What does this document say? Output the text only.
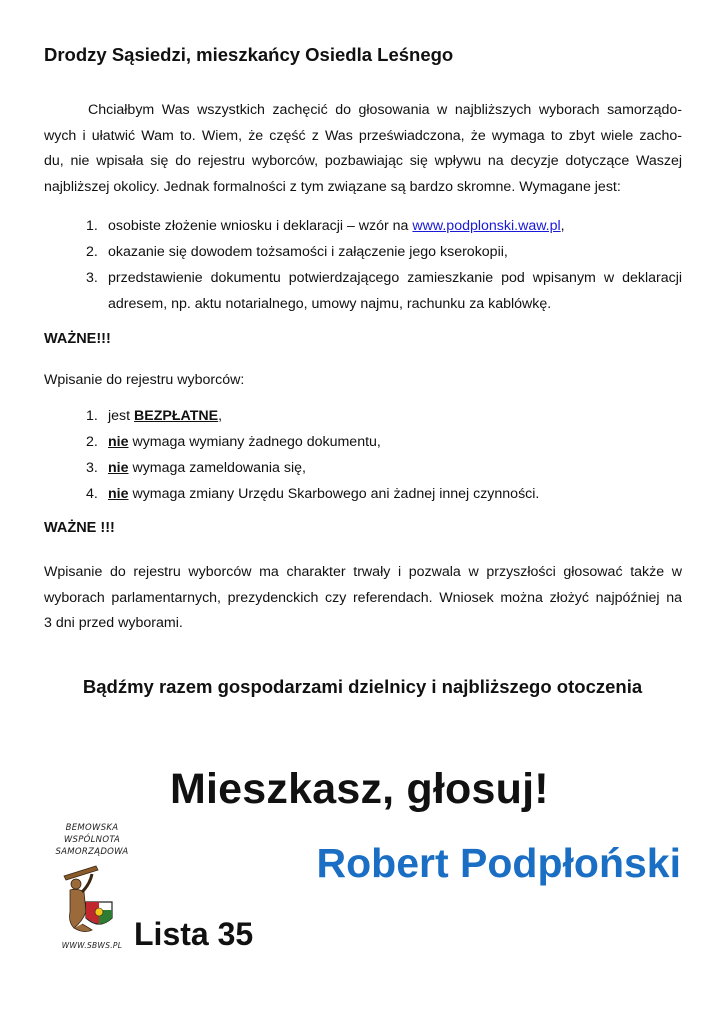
Drodzy Sąsiedzi, mieszkańcy Osiedla Leśnego

Chciałbym Was wszystkich zachęcić do głosowania w najbliższych wyborach samorządo-
wych i ułatwić Wam to. Wiem, że część z Was przeświadczona, że wymaga to zbyt wiele zacho-
du, nie wpisała się do rejestru wyborców, pozbawiając się wpływu na decyzje dotyczące Waszej
najbliższej okolicy. Jednak formalności z tym związane są bardzo skromne. Wymagane jest:

1. osobiste złożenie wniosku i deklaracji – wzór na www.podplonski.waw.pl,
2. okazanie się dowodem tożsamości i załączenie jego kserokopii,
3. przedstawienie dokumentu potwierdzającego zamieszkanie pod wpisanym w deklaracji
adresem, np. aktu notarialnego, umowy najmu, rachunku za kablówkę.
WAŻNE!!!
Wpisanie do rejestru wyborców:
1. jest BEZPŁATNE,
2. nie wymaga wymiany żadnego dokumentu,
3. nie wymaga zameldowania się,
4. nie wymaga zmiany Urzędu Skarbowego ani żadnej innej czynności.
WAŻNE !!!

Wpisanie do rejestru wyborców ma charakter trwały i pozwala w przyszłości głosować także w
wyborach parlamentarnych, prezydenckich czy referendach. Wniosek można złożyć najpóźniej na
3 dni przed wyborami.

Bądźmy razem gospodarzami dzielnicy i najbliższego otoczenia
Mieszkasz, głosuj!
BEMOWSKA
WSPÓLNOTA
SAMORZĄDOWA
WWW.SBWS.PL
Robert Podpłoński
Lista 35
